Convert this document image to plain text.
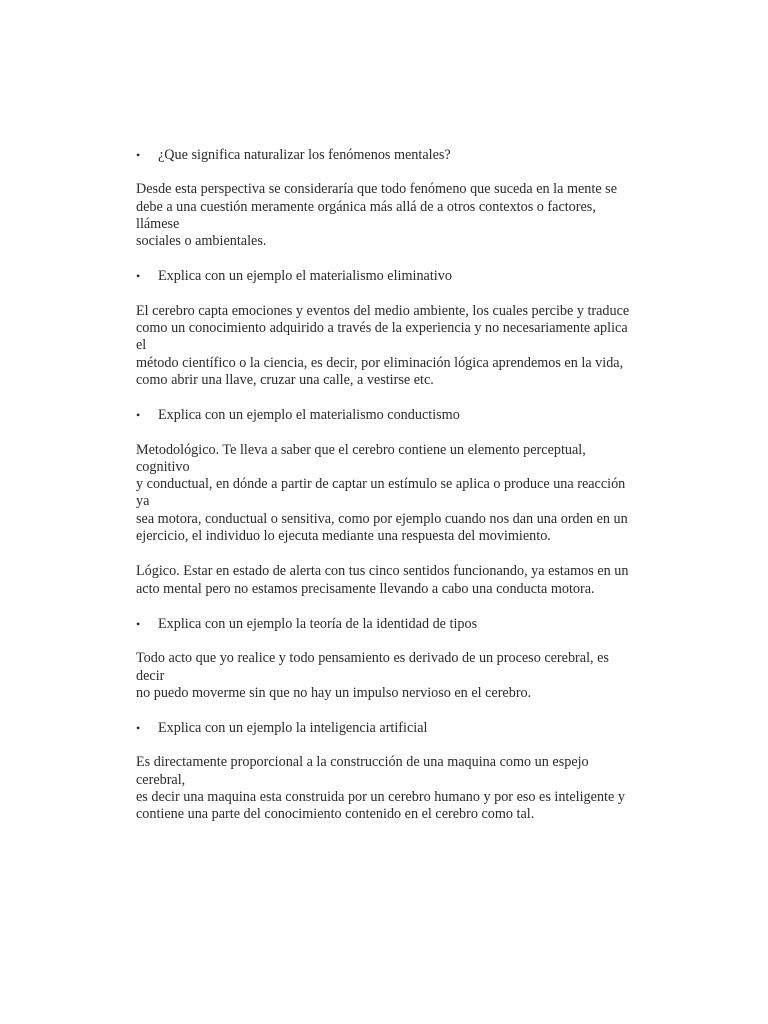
• ¿Que significa naturalizar los fenómenos mentales?

Desde esta perspectiva se consideraría que todo fenómeno que suceda en la mente se
debe a una cuestión meramente orgánica más allá de a otros contextos o factores, llámese
sociales o ambientales.

• Explica con un ejemplo el materialismo eliminativo

El cerebro capta emociones y eventos del medio ambiente, los cuales percibe y traduce
como un conocimiento adquirido a través de la experiencia y no necesariamente aplica el
método científico o la ciencia, es decir, por eliminación lógica aprendemos en la vida,
como abrir una llave, cruzar una calle, a vestirse etc.

• Explica con un ejemplo el materialismo conductismo

Metodológico. Te lleva a saber que el cerebro contiene un elemento perceptual, cognitivo
y conductual, en dónde a partir de captar un estímulo se aplica o produce una reacción ya
sea motora, conductual o sensitiva, como por ejemplo cuando nos dan una orden en un
ejercicio, el individuo lo ejecuta mediante una respuesta del movimiento.

Lógico. Estar en estado de alerta con tus cinco sentidos funcionando, ya estamos en un
acto mental pero no estamos precisamente llevando a cabo una conducta motora.

• Explica con un ejemplo la teoría de la identidad de tipos

Todo acto que yo realice y todo pensamiento es derivado de un proceso cerebral, es decir
no puedo moverme sin que no hay un impulso nervioso en el cerebro.

• Explica con un ejemplo la inteligencia artificial

Es directamente proporcional a la construcción de una maquina como un espejo cerebral,
es decir una maquina esta construida por un cerebro humano y por eso es inteligente y
contiene una parte del conocimiento contenido en el cerebro como tal.
